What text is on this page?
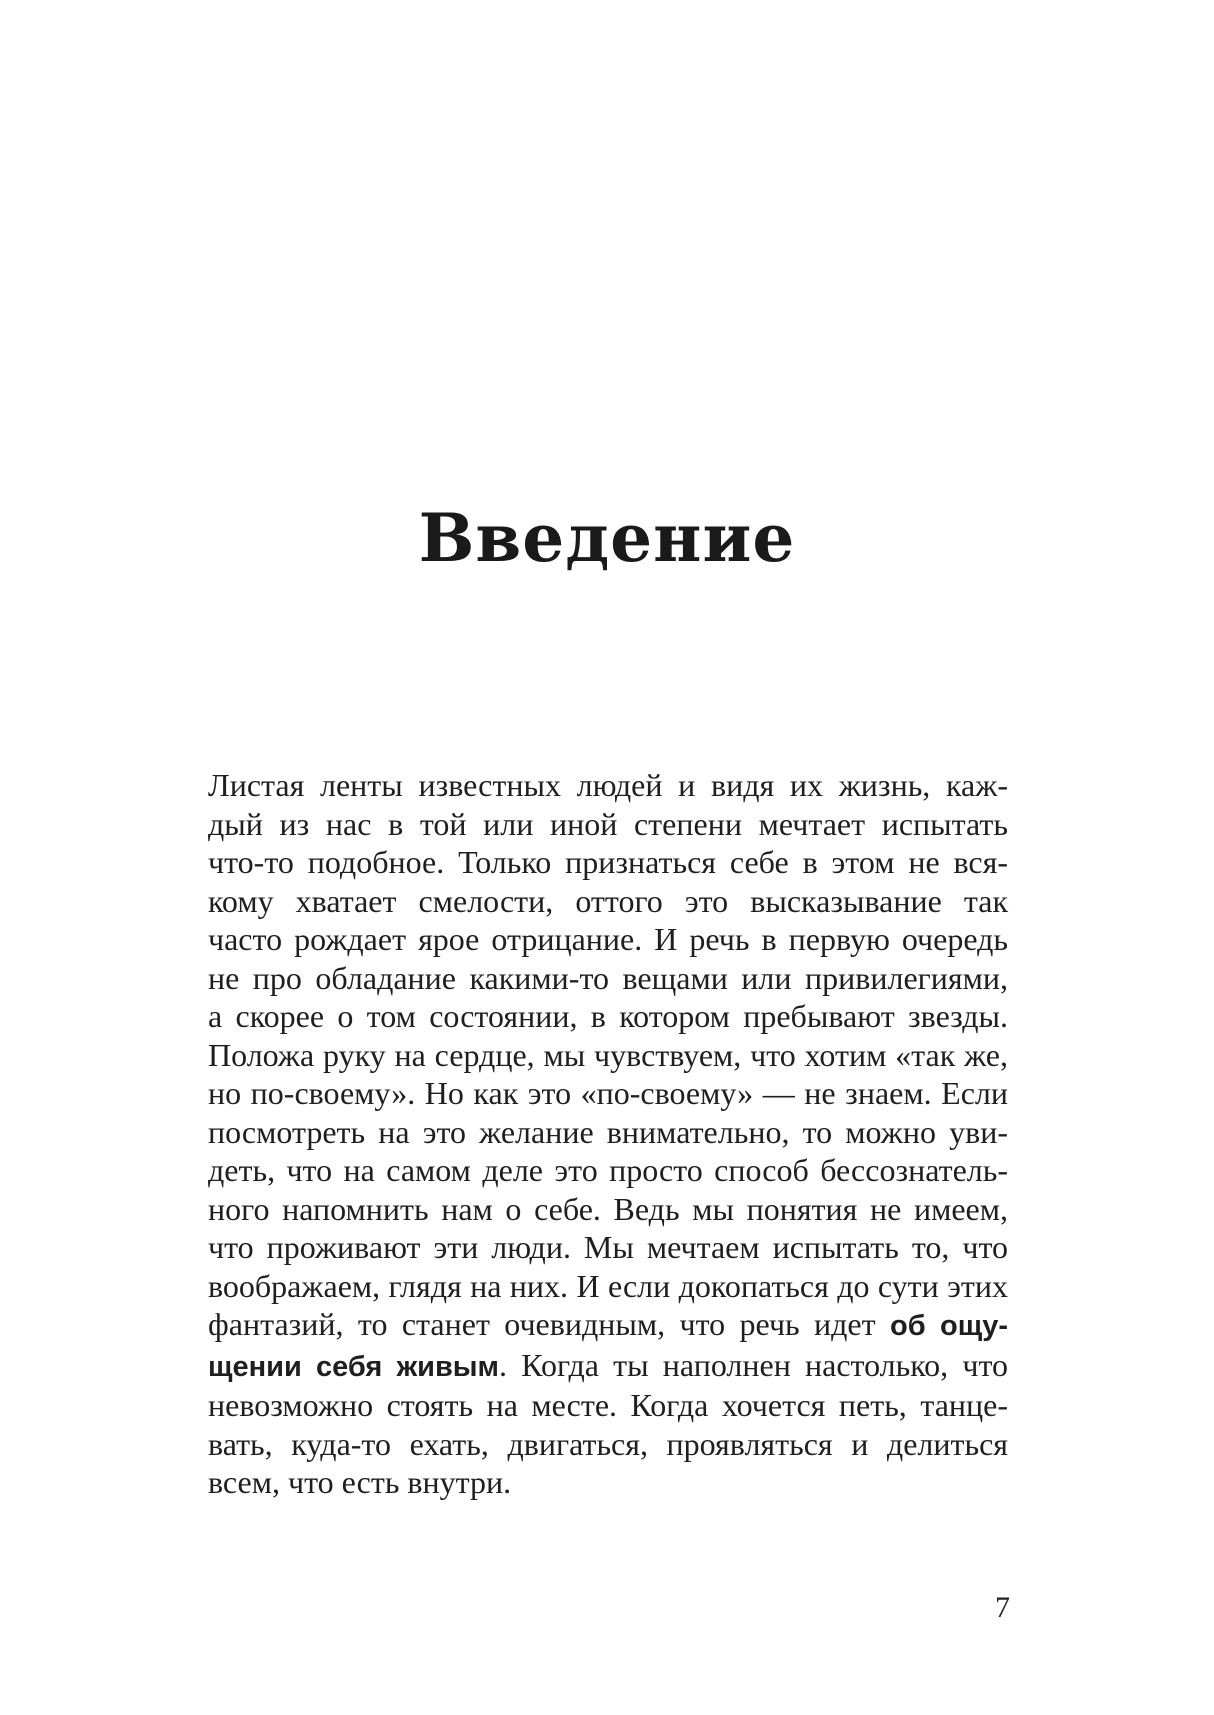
Введение
Листая ленты известных людей и видя их жизнь, каж-
дый из нас в той или иной степени мечтает испытать
что-то подобное. Только признаться себе в этом не вся-
кому хватает смелости, оттого это высказывание так
часто рождает ярое отрицание. И речь в первую очередь
не про обладание какими-то вещами или привилегиями,
а скорее о том состоянии, в котором пребывают звезды.
Положа руку на сердце, мы чувствуем, что хотим «так же,
но по-своему». Но как это «по-своему» — не знаем. Если
посмотреть на это желание внимательно, то можно уви-
деть, что на самом деле это просто способ бессознатель-
ного напомнить нам о себе. Ведь мы понятия не имеем,
что проживают эти люди. Мы мечтаем испытать то, что
воображаем, глядя на них. И если докопаться до сути этих
фантазий, то станет очевидным, что речь идет об ощу-
щении себя живым. Когда ты наполнен настолько, что
невозможно стоять на месте. Когда хочется петь, танце-
вать, куда-то ехать, двигаться, проявляться и делиться
всем, что есть внутри.
7
